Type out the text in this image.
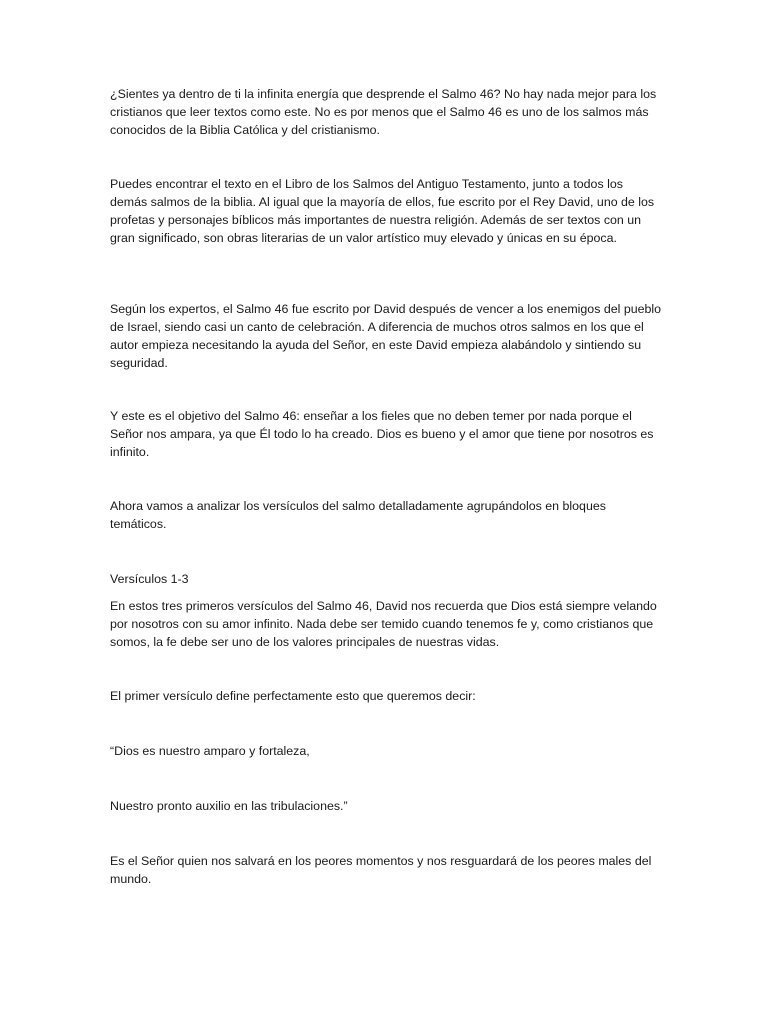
¿Sientes ya dentro de ti la infinita energía que desprende el Salmo 46? No hay nada mejor para los cristianos que leer textos como este. No es por menos que el Salmo 46 es uno de los salmos más conocidos de la Biblia Católica y del cristianismo.

Puedes encontrar el texto en el Libro de los Salmos del Antiguo Testamento, junto a todos los demás salmos de la biblia. Al igual que la mayoría de ellos, fue escrito por el Rey David, uno de los profetas y personajes bíblicos más importantes de nuestra religión. Además de ser textos con un gran significado, son obras literarias de un valor artístico muy elevado y únicas en su época.

Según los expertos, el Salmo 46 fue escrito por David después de vencer a los enemigos del pueblo de Israel, siendo casi un canto de celebración. A diferencia de muchos otros salmos en los que el autor empieza necesitando la ayuda del Señor, en este David empieza alabándolo y sintiendo su seguridad.

Y este es el objetivo del Salmo 46: enseñar a los fieles que no deben temer por nada porque el Señor nos ampara, ya que Él todo lo ha creado. Dios es bueno y el amor que tiene por nosotros es infinito.

Ahora vamos a analizar los versículos del salmo detalladamente agrupándolos en bloques temáticos.

Versículos 1-3

En estos tres primeros versículos del Salmo 46, David nos recuerda que Dios está siempre velando por nosotros con su amor infinito. Nada debe ser temido cuando tenemos fe y, como cristianos que somos, la fe debe ser uno de los valores principales de nuestras vidas.

El primer versículo define perfectamente esto que queremos decir:

“Dios es nuestro amparo y fortaleza,

Nuestro pronto auxilio en las tribulaciones.”

Es el Señor quien nos salvará en los peores momentos y nos resguardará de los peores males del mundo.
